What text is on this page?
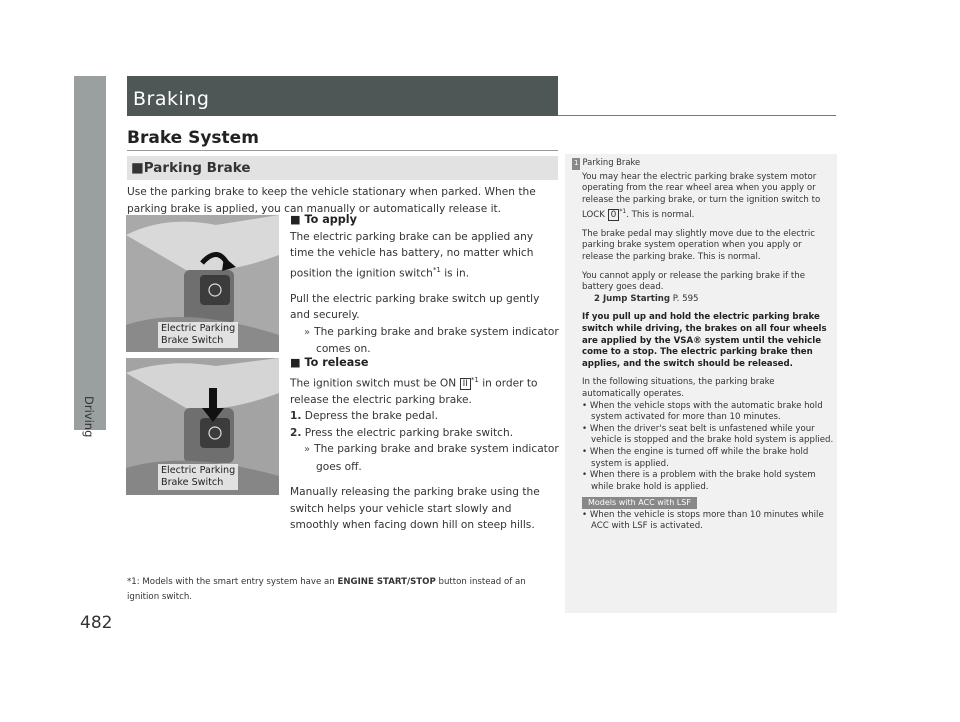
Driving
482
Braking
Brake System
■Parking Brake
Use the parking brake to keep the vehicle stationary when parked. When the parking brake is applied, you can manually or automatically release it.
Electric Parking
Brake Switch
Electric Parking
Brake Switch
■ To apply
The electric parking brake can be applied any time the vehicle has battery, no matter which position the ignition switch$^{*1}$ is in.
Pull the electric parking brake switch up gently and securely.
» The parking brake and brake system indicator comes on.
■ To release
The ignition switch must be ON II $^{*1}$ in order to release the electric parking brake.
1. Depress the brake pedal.
2. Press the electric parking brake switch.
» The parking brake and brake system indicator goes off.
Manually releasing the parking brake using the switch helps your vehicle start slowly and smoothly when facing down hill on steep hills.
*1: Models with the smart entry system have an ENGINE START/STOP button instead of an ignition switch.
1 Parking Brake
You may hear the electric parking brake system motor operating from the rear wheel area when you apply or release the parking brake, or turn the ignition switch to LOCK 0 $^{*1}$. This is normal.
The brake pedal may slightly move due to the electric parking brake system operation when you apply or release the parking brake. This is normal.
You cannot apply or release the parking brake if the battery goes dead.
2 Jump Starting P. 595
If you pull up and hold the electric parking brake switch while driving, the brakes on all four wheels are applied by the VSA® system until the vehicle come to a stop. The electric parking brake then applies, and the switch should be released.
In the following situations, the parking brake automatically operates.
• When the vehicle stops with the automatic brake hold system activated for more than 10 minutes.
• When the driver's seat belt is unfastened while your vehicle is stopped and the brake hold system is applied.
• When the engine is turned off while the brake hold system is applied.
• When there is a problem with the brake hold system while brake hold is applied.
Models with ACC with LSF
• When the vehicle is stops more than 10 minutes while ACC with LSF is activated.
